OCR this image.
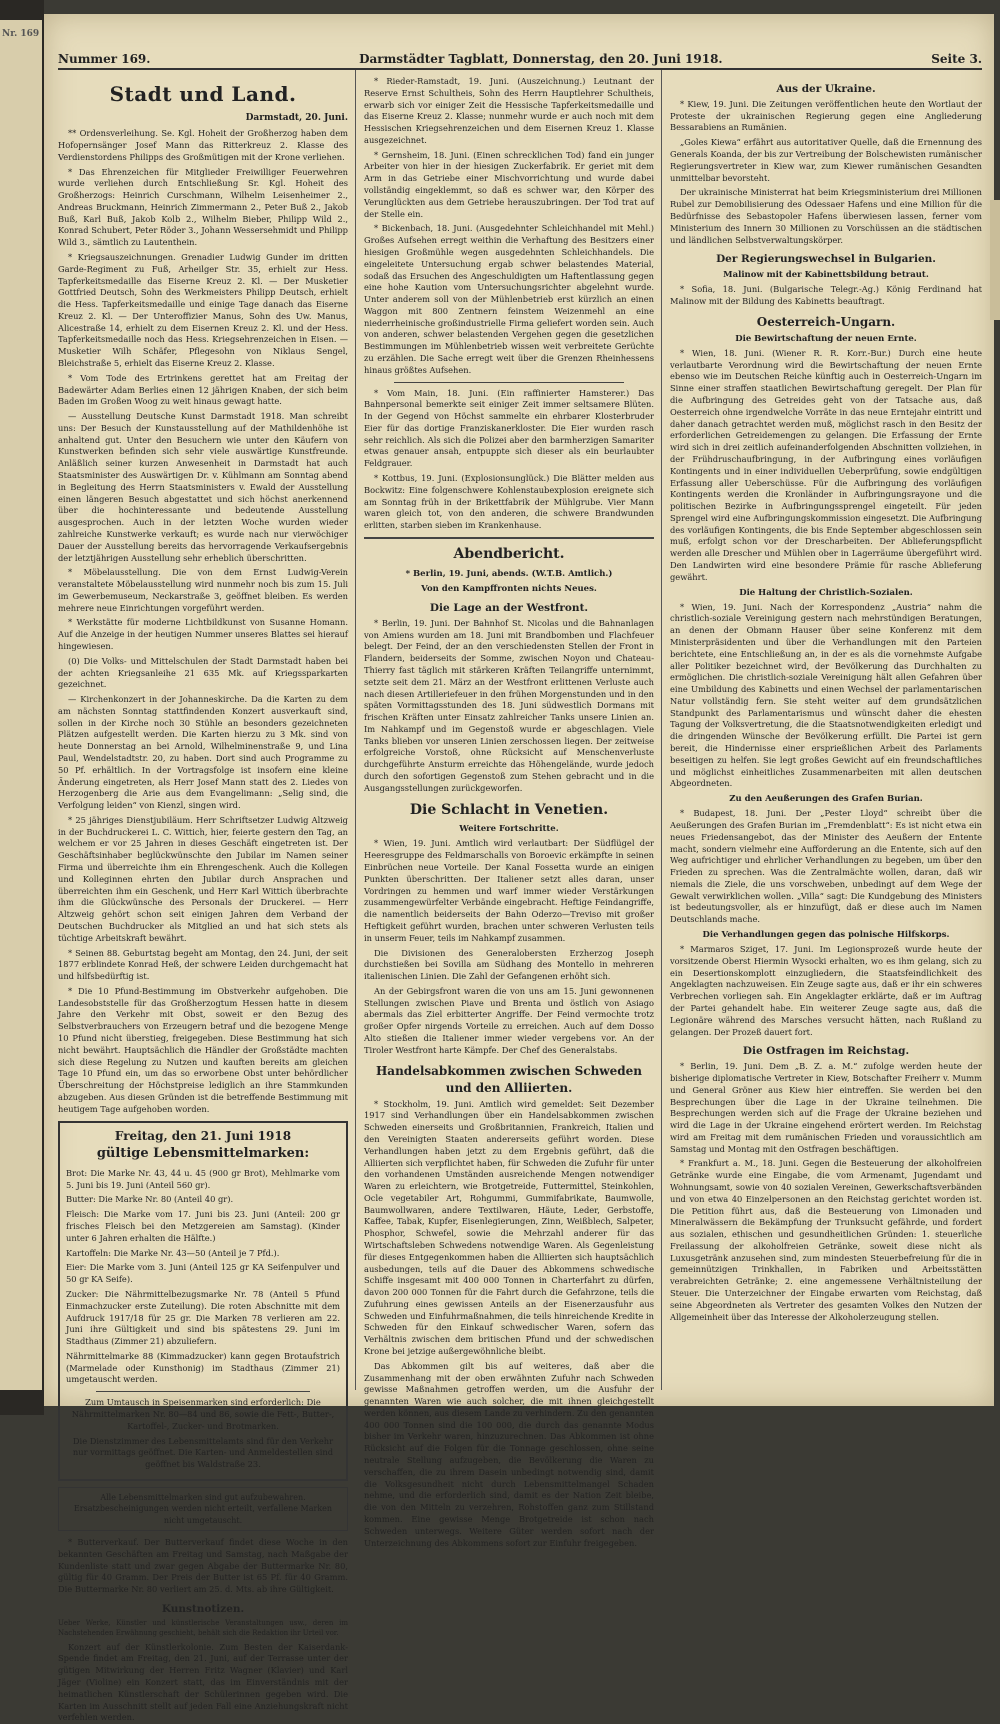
Nr. 169
Nummer 169.	Darmstädter Tagblatt, Donnerstag, den 20. Juni 1918.	Seite 3.
Stadt und Land.
Darmstadt, 20. Juni.

** Ordensverleihung. Se. Kgl. Hoheit der Großherzog haben dem Hofopernsänger Josef Mann das Ritterkreuz 2. Klasse des Verdienstordens Philipps des Großmütigen mit der Krone verliehen.

* Das Ehrenzeichen für Mitglieder Freiwilliger Feuerwehren wurde verliehen durch Entschließung Sr. Kgl. Hoheit des Großherzogs: Heinrich Curschmann, Wilhelm Leisenheimer 2., Andreas Bruckmann, Heinrich Zimmermann 2., Peter Buß 2., Jakob Buß, Karl Buß, Jakob Kolb 2., Wilhelm Bieber, Philipp Wild 2., Konrad Schubert, Peter Röder 3., Johann Wessersehmidt und Philipp Wild 3., sämtlich zu Lautenthein.

* Kriegsauszeichnungen. Grenadier Ludwig Gunder im dritten Garde-Regiment zu Fuß, Arheilger Str. 35, erhielt zur Hess. Tapferkeitsmedaille das Eiserne Kreuz 2. Kl. — Der Musketier Gottfried Deutsch, Sohn des Werkmeisters Philipp Deutsch, erhielt die Hess. Tapferkeitsmedaille und einige Tage danach das Eiserne Kreuz 2. Kl. — Der Unteroffizier Manus, Sohn des Uw. Manus, Alicestraße 14, erhielt zu dem Eisernen Kreuz 2. Kl. und der Hess. Tapferkeitsmedaille noch das Hess. Kriegsehrenzeichen in Eisen. — Musketier Wilh Schäfer, Pflegesohn von Niklaus Sengel, Bleichstraße 5, erhielt das Eiserne Kreuz 2. Klasse.

* Vom Tode des Ertrinkens gerettet hat am Freitag der Badewärter Adam Berlies einen 12 jährigen Knaben, der sich beim Baden im Großen Woog zu weit hinaus gewagt hatte.

— Ausstellung Deutsche Kunst Darmstadt 1918. Man schreibt uns: Der Besuch der Kunstausstellung auf der Mathildenhöhe ist anhaltend gut. Unter den Besuchern wie unter den Käufern von Kunstwerken befinden sich sehr viele auswärtige Kunstfreunde. Anläßlich seiner kurzen Anwesenheit in Darmstadt hat auch Staatsminister des Auswärtigen Dr. v. Kühlmann am Sonntag abend in Begleitung des Herrn Staatsministers v. Ewald der Ausstellung einen längeren Besuch abgestattet und sich höchst anerkennend über die hochinteressante und bedeutende Ausstellung ausgesprochen. Auch in der letzten Woche wurden wieder zahlreiche Kunstwerke verkauft; es wurde nach nur vierwöchiger Dauer der Ausstellung bereits das hervorragende Verkaufsergebnis der letztjährigen Ausstellung sehr erheblich überschritten.

* Möbelausstellung. Die von dem Ernst Ludwig-Verein veranstaltete Möbelausstellung wird nunmehr noch bis zum 15. Juli im Gewerbemuseum, Neckarstraße 3, geöffnet bleiben. Es werden mehrere neue Einrichtungen vorgeführt werden.

* Werkstätte für moderne Lichtbildkunst von Susanne Homann. Auf die Anzeige in der heutigen Nummer unseres Blattes sei hierauf hingewiesen.

(0) Die Volks- und Mittelschulen der Stadt Darmstadt haben bei der achten Kriegsanleihe 21 635 Mk. auf Kriegssparkarten gezeichnet.

— Kirchenkonzert in der Johanneskirche. Da die Karten zu dem am nächsten Sonntag stattfindenden Konzert ausverkauft sind, sollen in der Kirche noch 30 Stühle an besonders gezeichneten Plätzen aufgestellt werden. Die Karten hierzu zu 3 Mk. sind von heute Donnerstag an bei Arnold, Wilhelminenstraße 9, und Lina Paul, Wendelstadtstr. 20, zu haben. Dort sind auch Programme zu 50 Pf. erhältlich. In der Vortragsfolge ist insofern eine kleine Änderung eingetreten, als Herr Josef Mann statt des 2. Liedes von Herzogenberg die Arie aus dem Evangelimann: „Selig sind, die Verfolgung leiden“ von Kienzl, singen wird.

* 25 jähriges Dienstjubiläum. Herr Schriftsetzer Ludwig Altzweig in der Buchdruckerei L. C. Wittich, hier, feierte gestern den Tag, an welchem er vor 25 Jahren in dieses Geschäft eingetreten ist. Der Geschäftsinhaber beglückwünschte den Jubilar im Namen seiner Firma und überreichte ihm ein Ehrengeschenk. Auch die Kollegen und Kolleginnen ehrten den Jubilar durch Ansprachen und überreichten ihm ein Geschenk, und Herr Karl Wittich überbrachte ihm die Glückwünsche des Personals der Druckerei. — Herr Altzweig gehört schon seit einigen Jahren dem Verband der Deutschen Buchdrucker als Mitglied an und hat sich stets als tüchtige Arbeitskraft bewährt.

* Seinen 88. Geburtstag begeht am Montag, den 24. Juni, der seit 1877 erblindete Konrad Heß, der schwere Leiden durchgemacht hat und hilfsbedürftig ist.

* Die 10 Pfund-Bestimmung im Obstverkehr aufgehoben. Die Landesobststelle für das Großherzogtum Hessen hatte in diesem Jahre den Verkehr mit Obst, soweit er den Bezug des Selbstverbrauchers von Erzeugern betraf und die bezogene Menge 10 Pfund nicht überstieg, freigegeben. Diese Bestimmung hat sich nicht bewährt. Hauptsächlich die Händler der Großstädte machten sich diese Regelung zu Nutzen und kauften bereits am gleichen Tage 10 Pfund ein, um das so erworbene Obst unter behördlicher Überschreitung der Höchstpreise lediglich an ihre Stammkunden abzugeben. Aus diesen Gründen ist die betreffende Bestimmung mit heutigem Tage aufgehoben worden.

Freitag, den 21. Juni 1918
gültige Lebensmittelmarken:

Brot: Die Marke Nr. 43, 44 u. 45 (900 gr Brot), Mehlmarke vom 5. Juni bis 19. Juni (Anteil 560 gr).

Butter: Die Marke Nr. 80 (Anteil 40 gr).

Fleisch: Die Marke vom 17. Juni bis 23. Juni (Anteil: 200 gr frisches Fleisch bei den Metzgereien am Samstag). (Kinder unter 6 Jahren erhalten die Hälfte.)

Kartoffeln: Die Marke Nr. 43—50 (Anteil je 7 Pfd.).

Eier: Die Marke vom 3. Juni (Anteil 125 gr KA Seifenpulver und 50 gr KA Seife).

Zucker: Die Nährmittelbezugsmarke Nr. 78 (Anteil 5 Pfund Einmachzucker erste Zuteilung). Die roten Abschnitte mit dem Aufdruck 1917/18 für 25 gr. Die Marken 78 verlieren am 22. Juni ihre Gültigkeit und sind bis spätestens 29. Juni im Stadthaus (Zimmer 21) abzuliefern.

Nährmittelmarke 88 (Kimmadzucker) kann gegen Brotaufstrich (Marmelade oder Kunsthonig) im Stadthaus (Zimmer 21) umgetauscht werden.

Zum Umtausch in Speisenmarken sind erforderlich: Die Nährmittelmarken Nr. 80—84 und 86, sowie die Fett-, Butter-, Kartoffel-, Zucker- und Brotmarken.

Die Dienstzimmer des Lebensmittelamts sind für den Verkehr nur vormittags geöffnet. Die Karten- und Anmeldestellen sind geöffnet bis Waldstraße 23.

Alle Lebensmittelmarken sind gut aufzubewahren. Ersatzbescheinigungen werden nicht erteilt, verfallene Marken nicht umgetauscht.

* Butterverkauf. Der Butterverkauf findet diese Woche in den bekannten Geschäften am Freitag und Samstag, nach Maßgabe der Kundenliste statt und zwar gegen Abgabe der Buttermarke Nr. 80, gültig für 40 Gramm. Der Preis der Butter ist 65 Pf. für 40 Gramm. Die Buttermarke Nr. 80 verliert am 25. d. Mts. ab ihre Gültigkeit.

Kunstnotizen.

Ueber Werke, Künstler und künstlerische Veranstaltungen usw., deren im Nachstehenden Erwähnung geschieht, behält sich die Redaktion ihr Urteil vor.

Konzert auf der Künstlerkolonie. Zum Besten der Kaiserdank-Spende findet am Freitag, den 21. Juni, auf der Terrasse unter der gütigen Mitwirkung der Herren Fritz Wagner (Klavier) und Karl Jäger (Violine) ein Konzert statt, das im Einverständnis mit der heimatlichen Künstlerschaft der Schülerinnen gegeben wird. Die Karten im Ausschnitt stellt auf jeden Fall eine Anziehungskraft nicht verfehlen werden.

* Rieder-Ramstadt, 19. Juni. (Auszeichnung.) Leutnant der Reserve Ernst Schultheis, Sohn des Herrn Hauptlehrer Schultheis, erwarb sich vor einiger Zeit die Hessische Tapferkeitsmedaille und das Eiserne Kreuz 2. Klasse; nunmehr wurde er auch noch mit dem Hessischen Kriegsehrenzeichen und dem Eisernen Kreuz 1. Klasse ausgezeichnet.

* Gernsheim, 18. Juni. (Einen schrecklichen Tod) fand ein junger Arbeiter von hier in der hiesigen Zuckerfabrik. Er geriet mit dem Arm in das Getriebe einer Mischvorrichtung und wurde dabei vollständig eingeklemmt, so daß es schwer war, den Körper des Verunglückten aus dem Getriebe herauszubringen. Der Tod trat auf der Stelle ein.

* Bickenbach, 18. Juni. (Ausgedehnter Schleichhandel mit Mehl.) Großes Aufsehen erregt weithin die Verhaftung des Besitzers einer hiesigen Großmühle wegen ausgedehnten Schleichhandels. Die eingeleitete Untersuchung ergab schwer belastendes Material, sodaß das Ersuchen des Angeschuldigten um Haftentlassung gegen eine hohe Kaution vom Untersuchungsrichter abgelehnt wurde. Unter anderem soll von der Mühlenbetrieb erst kürzlich an einen Waggon mit 800 Zentnern feinstem Weizenmehl an eine niederrheinische großindustrielle Firma geliefert worden sein. Auch von anderen, schwer belastenden Vergehen gegen die gesetzlichen Bestimmungen im Mühlenbetrieb wissen weit verbreitete Gerüchte zu erzählen. Die Sache erregt weit über die Grenzen Rheinhessens hinaus größtes Aufsehen.

* Vom Main, 18. Juni. (Ein raffinierter Hamsterer.) Das Bahnpersonal bemerkte seit einiger Zeit immer seltsamere Blüten. In der Gegend von Höchst sammelte ein ehrbarer Klosterbruder Eier für das dortige Franziskanerkloster. Die Eier wurden rasch sehr reichlich. Als sich die Polizei aber den barmherzigen Samariter etwas genauer ansah, entpuppte sich dieser als ein beurlaubter Feldgrauer.

* Kottbus, 19. Juni. (Explosionsunglück.) Die Blätter melden aus Bockwitz: Eine folgenschwere Kohlenstaubexplosion ereignete sich am Sonntag früh in der Brikettfabrik der Mühlgrube. Vier Mann waren gleich tot, von den anderen, die schwere Brandwunden erlitten, starben sieben im Krankenhause.

Abendbericht.
* Berlin, 19. Juni, abends. (W.T.B. Amtlich.)
Von den Kampffronten nichts Neues.
Die Lage an der Westfront.

* Berlin, 19. Juni. Der Bahnhof St. Nicolas und die Bahnanlagen von Amiens wurden am 18. Juni mit Brandbomben und Flachfeuer belegt. Der Feind, der an den verschiedensten Stellen der Front in Flandern, beiderseits der Somme, zwischen Noyon und Chateau-Thierry fast täglich mit stärkeren Kräften Teilangriffe unternimmt, setzte seit dem 21. März an der Westfront erlittenen Verluste auch nach diesen Artilleriefeuer in den frühen Morgenstunden und in den späten Vormittagsstunden des 18. Juni südwestlich Dormans mit frischen Kräften unter Einsatz zahlreicher Tanks unsere Linien an. Im Nahkampf und im Gegenstoß wurde er abgeschlagen. Viele Tanks blieben vor unseren Linien zerschossen liegen. Der zeitweise erfolgreiche Vorstoß, ohne Rücksicht auf Menschenverluste durchgeführte Ansturm erreichte das Höhengelände, wurde jedoch durch den sofortigen Gegenstoß zum Stehen gebracht und in die Ausgangsstellungen zurückgeworfen.

Die Schlacht in Venetien.
Weitere Fortschritte.

* Wien, 19. Juni. Amtlich wird verlautbart: Der Südflügel der Heeresgruppe des Feldmarschalls von Boroevic erkämpfte in seinen Einbrüchen neue Vorteile. Der Kanal Fossetta wurde an einigen Punkten überschritten. Der Italiener setzt alles daran, unser Vordringen zu hemmen und warf immer wieder Verstärkungen zusammengewürfelter Verbände eingebracht. Heftige Feindangriffe, die namentlich beiderseits der Bahn Oderzo—Treviso mit großer Heftigkeit geführt wurden, brachen unter schweren Verlusten teils in unserm Feuer, teils im Nahkampf zusammen.

Die Divisionen des Generalobersten Erzherzog Joseph durchstießen bei Sovilla am Südhang des Montello in mehreren italienischen Linien. Die Zahl der Gefangenen erhöht sich.

An der Gebirgsfront waren die von uns am 15. Juni gewonnenen Stellungen zwischen Piave und Brenta und östlich von Asiago abermals das Ziel erbitterter Angriffe. Der Feind vermochte trotz großer Opfer nirgends Vorteile zu erreichen. Auch auf dem Dosso Alto stießen die Italiener immer wieder vergebens vor. An der Tiroler Westfront harte Kämpfe. Der Chef des Generalstabs.

Handelsabkommen zwischen Schweden und den Alliierten.

* Stockholm, 19. Juni. Amtlich wird gemeldet: Seit Dezember 1917 sind Verhandlungen über ein Handelsabkommen zwischen Schweden einerseits und Großbritannien, Frankreich, Italien und den Vereinigten Staaten andererseits geführt worden. Diese Verhandlungen haben jetzt zu dem Ergebnis geführt, daß die Alliierten sich verpflichtet haben, für Schweden die Zufuhr für unter den vorhandenen Umständen ausreichende Mengen notwendiger Waren zu erleichtern, wie Brotgetreide, Futtermittel, Steinkohlen, Ocle vegetabiler Art, Rohgummi, Gummifabrikate, Baumwolle, Baumwollwaren, andere Textilwaren, Häute, Leder, Gerbstoffe, Kaffee, Tabak, Kupfer, Eisenlegierungen, Zinn, Weißblech, Salpeter, Phosphor, Schwefel, sowie die Mehrzahl anderer für das Wirtschaftsleben Schwedens notwendige Waren. Als Gegenleistung für dieses Entgegenkommen haben die Alliierten sich hauptsächlich ausbedungen, teils auf die Dauer des Abkommens schwedische Schiffe insgesamt mit 400 000 Tonnen in Charterfahrt zu dürfen, davon 200 000 Tonnen für die Fahrt durch die Gefahrzone, teils die Zufuhrung eines gewissen Anteils an der Eisenerzausfuhr aus Schweden und Einfuhrmaßnahmen, die teils hinreichende Kredite in Schweden für den Einkauf schwedischer Waren, sofern das Verhältnis zwischen dem britischen Pfund und der schwedischen Krone bei jetzige außergewöhnliche bleibt.

Das Abkommen gilt bis auf weiteres, daß aber die Zusammenhang mit der oben erwähnten Zufuhr nach Schweden gewisse Maßnahmen getroffen werden, um die Ausfuhr der genannten Waren wie auch solcher, die mit ihnen gleichgestellt werden können, aus diesem Lande zu verhindern. Zu den genannten 400 000 Tonnen sind die 100 000, die durch das genannte Modus bisher im Verkehr waren, hinzuzurechnen. Das Abkommen ist ohne Rücksicht auf die Folgen für die Tonnage geschlossen, ohne seine neutrale Stellung aufzugeben, die Bevölkerung die Waren zu verschaffen, die zu ihrem Dasein unbedingt notwendig sind, damit die Volksgesundheit nicht durch Lebensmittelmangel Schaden nehme, und die erforderlich sind, damit es der Nation Zeit bleibe, die von den Mitteln zu verzehren, Rohstoffen ganz zum Stillstand kommen. Eine gewisse Menge Brotgetreide ist schon nach Schweden unterwegs. Weitere Güter werden sofort nach der Unterzeichnung des Abkommens sofort zur Einfuhr freigegeben.

Aus der Ukraine.

* Kiew, 19. Juni. Die Zeitungen veröffentlichen heute den Wortlaut der Proteste der ukrainischen Regierung gegen eine Angliederung Bessarabiens an Rumänien.

„Goles Kiewa“ erfährt aus autoritativer Quelle, daß die Ernennung des Generals Koanda, der bis zur Vertreibung der Bolschewisten rumänischer Regierungsvertreter in Kiew war, zum Kiewer rumänischen Gesandten unmittelbar bevorsteht.

Der ukrainische Ministerrat hat beim Kriegsministerium drei Millionen Rubel zur Demobilisierung des Odessaer Hafens und eine Million für die Bedürfnisse des Sebastopoler Hafens überwiesen lassen, ferner vom Ministerium des Innern 30 Millionen zu Vorschüssen an die städtischen und ländlichen Selbstverwaltungskörper.

Der Regierungswechsel in Bulgarien.
Malinow mit der Kabinettsbildung betraut.

* Sofia, 18. Juni. (Bulgarische Telegr.-Ag.) König Ferdinand hat Malinow mit der Bildung des Kabinetts beauftragt.

Oesterreich-Ungarn.
Die Bewirtschaftung der neuen Ernte.

* Wien, 18. Juni. (Wiener R. R. Korr.-Bur.) Durch eine heute verlautbarte Verordnung wird die Bewirtschaftung der neuen Ernte ebenso wie im Deutschen Reiche künftig auch in Oesterreich-Ungarn im Sinne einer straffen staatlichen Bewirtschaftung geregelt. Der Plan für die Aufbringung des Getreides geht von der Tatsache aus, daß Oesterreich ohne irgendwelche Vorräte in das neue Erntejahr eintritt und daher danach getrachtet werden muß, möglichst rasch in den Besitz der erforderlichen Getreidemengen zu gelangen. Die Erfassung der Ernte wird sich in drei zeitlich aufeinanderfolgenden Abschnitten vollziehen, in der Frühdruschaufbringung, in der Aufbringung eines vorläufigen Kontingents und in einer individuellen Ueberprüfung, sowie endgültigen Erfassung aller Ueberschüsse. Für die Aufbringung des vorläufigen Kontingents werden die Kronländer in Aufbringungsrayone und die politischen Bezirke in Aufbringungssprengel eingeteilt. Für jeden Sprengel wird eine Aufbringungskommission eingesetzt. Die Aufbringung des vorläufigen Kontingents, die bis Ende September abgeschlossen sein muß, erfolgt schon vor der Drescharbeiten. Der Ablieferungspflicht werden alle Drescher und Mühlen ober in Lagerräume übergeführt wird. Den Landwirten wird eine besondere Prämie für rasche Ablieferung gewährt.

Die Haltung der Christlich-Sozialen.

* Wien, 19. Juni. Nach der Korrespondenz „Austria“ nahm die christlich-soziale Vereinigung gestern nach mehrstündigen Beratungen, an denen der Obmann Hauser über seine Konferenz mit dem Ministerpräsidenten und über die Verhandlungen mit den Parteien berichtete, eine Entschließung an, in der es als die vornehmste Aufgabe aller Politiker bezeichnet wird, der Bevölkerung das Durchhalten zu ermöglichen. Die christlich-soziale Vereinigung hält allen Gefahren über eine Umbildung des Kabinetts und einen Wechsel der parlamentarischen Natur vollständig fern. Sie steht weiter auf dem grundsätzlichen Standpunkt des Parlamentarismus und wünscht daher die ehesten Tagung der Volksvertretung, die die Staatsnotwendigkeiten erledigt und die dringenden Wünsche der Bevölkerung erfüllt. Die Partei ist gern bereit, die Hindernisse einer ersprießlichen Arbeit des Parlaments beseitigen zu helfen. Sie legt großes Gewicht auf ein freundschaftliches und möglichst einheitliches Zusammenarbeiten mit allen deutschen Abgeordneten.

Zu den Aeußerungen des Grafen Burian.

* Budapest, 18. Juni. Der „Pester Lloyd“ schreibt über die Aeußerungen des Grafen Burian im „Fremdenblatt“: Es ist nicht etwa ein neues Friedensangebot, das der Minister des Aeußern der Entente macht, sondern vielmehr eine Aufforderung an die Entente, sich auf den Weg aufrichtiger und ehrlicher Verhandlungen zu begeben, um über den Frieden zu sprechen. Was die Zentralmächte wollen, daran, daß wir niemals die Ziele, die uns vorschweben, unbedingt auf dem Wege der Gewalt verwirklichen wollen. „Villa“ sagt: Die Kundgebung des Ministers ist bedeutungsvoller, als er hinzufügt, daß er diese auch im Namen Deutschlands mache.

Die Verhandlungen gegen das polnische Hilfskorps.

* Marmaros Sziget, 17. Juni. Im Legionsprozeß wurde heute der vorsitzende Oberst Hiermin Wysocki erhalten, wo es ihm gelang, sich zu ein Desertionskomplott einzugliedern, die Staatsfeindlichkeit des Angeklagten nachzuweisen. Ein Zeuge sagte aus, daß er ihr ein schweres Verbrechen vorliegen sah. Ein Angeklagter erklärte, daß er im Auftrag der Partei gehandelt habe. Ein weiterer Zeuge sagte aus, daß die Legionäre während des Marsches versucht hätten, nach Rußland zu gelangen. Der Prozeß dauert fort.

Die Ostfragen im Reichstag.

* Berlin, 19. Juni. Dem „B. Z. a. M.“ zufolge werden heute der bisherige diplomatische Vertreter in Kiew, Botschafter Freiherr v. Mumm und General Gröner aus Kiew hier eintreffen. Sie werden bei den Besprechungen über die Lage in der Ukraine teilnehmen. Die Besprechungen werden sich auf die Frage der Ukraine beziehen und wird die Lage in der Ukraine eingehend erörtert werden. Im Reichstag wird am Freitag mit dem rumänischen Frieden und voraussichtlich am Samstag und Montag mit den Ostfragen beschäftigen.

* Frankfurt a. M., 18. Juni. Gegen die Besteuerung der alkoholfreien Getränke wurde eine Eingabe, die vom Armenamt, Jugendamt und Wohnungsamt, sowie von 40 sozialen Vereinen, Gewerkschaftsverbänden und von etwa 40 Einzelpersonen an den Reichstag gerichtet worden ist. Die Petition führt aus, daß die Besteuerung von Limonaden und Mineralwässern die Bekämpfung der Trunksucht gefährde, und fordert aus sozialen, ethischen und gesundheitlichen Gründen: 1. steuerliche Freilassung der alkoholfreien Getränke, soweit diese nicht als Luxusgetränk anzusehen sind, zum mindesten Steuerbefreiung für die in gemeinnützigen Trinkhallen, in Fabriken und Arbeitsstätten verabreichten Getränke; 2. eine angemessene Verhältnisteilung der Steuer. Die Unterzeichner der Eingabe erwarten vom Reichstag, daß seine Abgeordneten als Vertreter des gesamten Volkes den Nutzen der Allgemeinheit über das Interesse der Alkoholerzeugung stellen.
